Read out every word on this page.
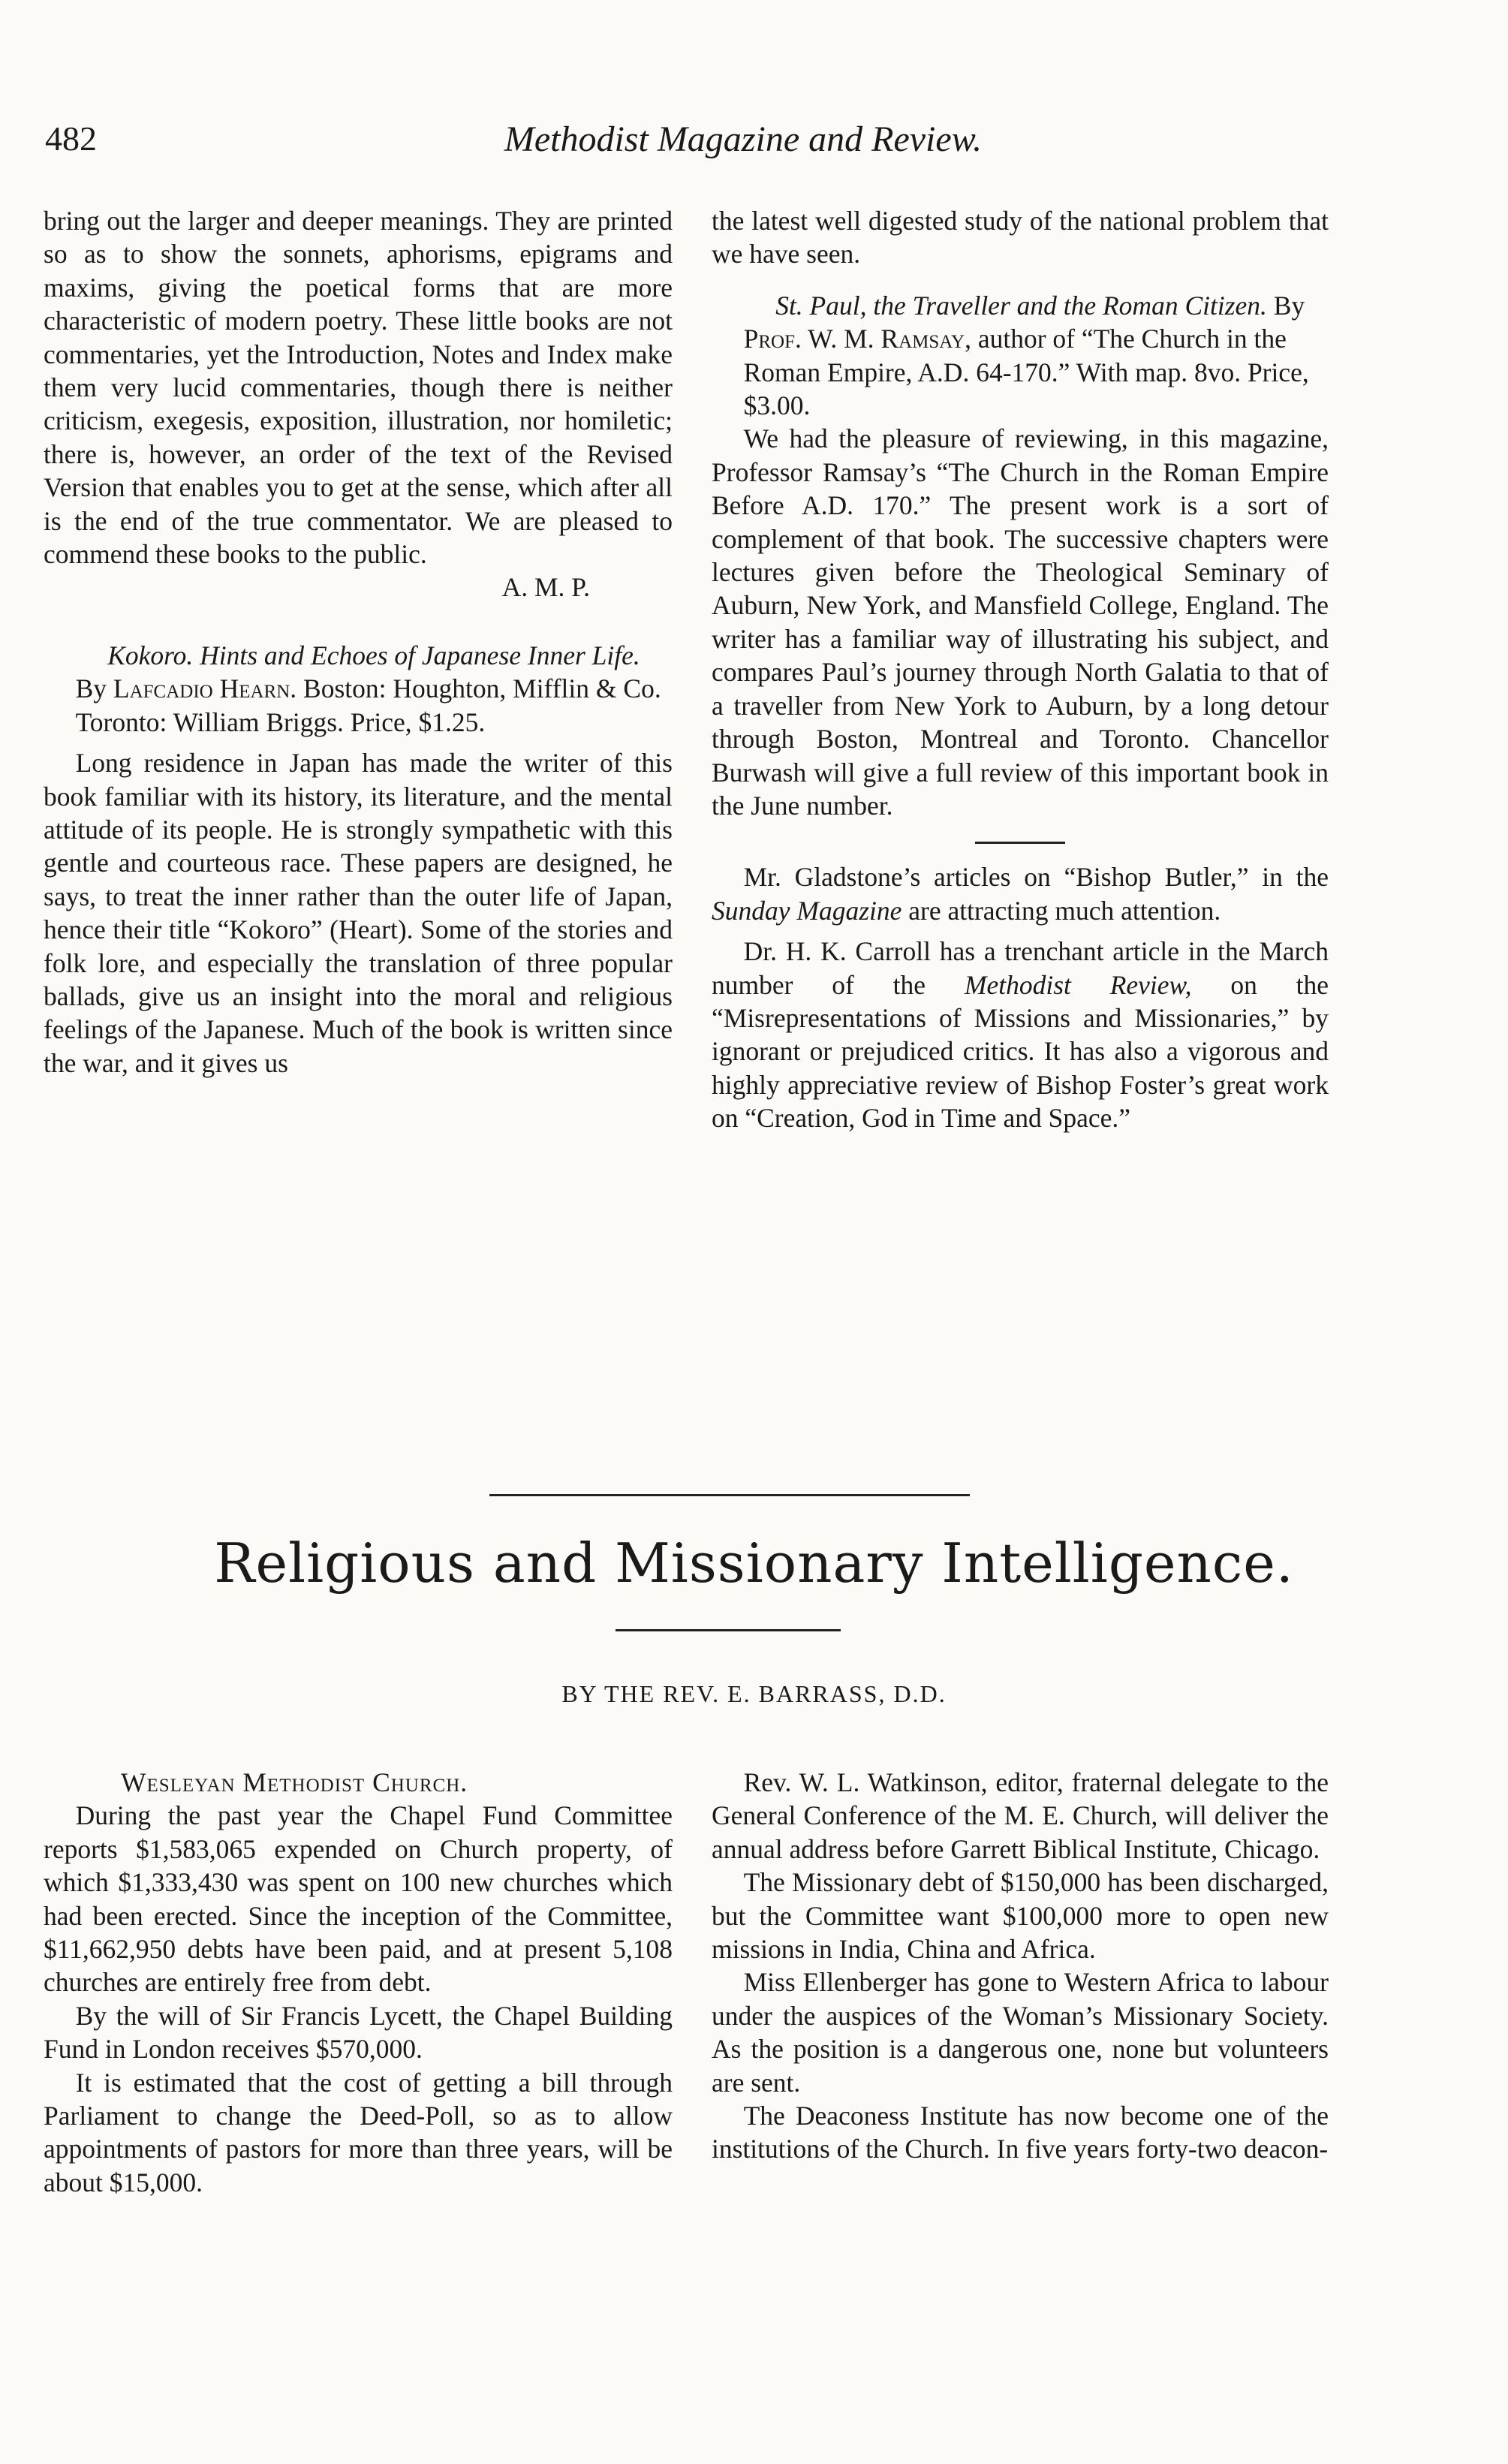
482	Methodist Magazine and Review.

bring out the larger and deeper meanings. They are printed so as to show the sonnets, aphorisms, epigrams and maxims, giving the poetical forms that are more characteristic of modern poetry. These little books are not commentaries, yet the Introduction, Notes and Index make them very lucid commentaries, though there is neither criticism, exegesis, exposition, illustration, nor homiletic; there is, however, an order of the text of the Revised Version that enables you to get at the sense, which after all is the end of the true commentator. We are pleased to commend these books to the public.

A. M. P.

Kokoro. Hints and Echoes of Japanese Inner Life. By Lafcadio Hearn. Boston: Houghton, Mifflin & Co. Toronto: William Briggs. Price, $1.25.

Long residence in Japan has made the writer of this book familiar with its history, its literature, and the mental attitude of its people. He is strongly sympathetic with this gentle and courteous race. These papers are designed, he says, to treat the inner rather than the outer life of Japan, hence their title “Kokoro” (Heart). Some of the stories and folk lore, and especially the translation of three popular ballads, give us an insight into the moral and religious feelings of the Japanese. Much of the book is written since the war, and it gives us

the latest well digested study of the national problem that we have seen.

St. Paul, the Traveller and the Roman Citizen. By Prof. W. M. Ramsay, author of “The Church in the Roman Empire, A.D. 64-170.” With map. 8vo. Price, $3.00.

We had the pleasure of reviewing, in this magazine, Professor Ramsay’s “The Church in the Roman Empire Before A.D. 170.” The present work is a sort of complement of that book. The successive chapters were lectures given before the Theological Seminary of Auburn, New York, and Mansfield College, England. The writer has a familiar way of illustrating his subject, and compares Paul’s journey through North Galatia to that of a traveller from New York to Auburn, by a long detour through Boston, Montreal and Toronto. Chancellor Burwash will give a full review of this important book in the June number.

Mr. Gladstone’s articles on “Bishop Butler,” in the Sunday Magazine are attracting much attention.

Dr. H. K. Carroll has a trenchant article in the March number of the Methodist Review, on the “Misrepresentations of Missions and Missionaries,” by ignorant or prejudiced critics. It has also a vigorous and highly appreciative review of Bishop Foster’s great work on “Creation, God in Time and Space.”

Religious and Missionary Intelligence.
BY THE REV. E. BARRASS, D.D.

Wesleyan Methodist Church.

During the past year the Chapel Fund Committee reports $1,583,065 expended on Church property, of which $1,333,430 was spent on 100 new churches which had been erected. Since the inception of the Committee, $11,662,950 debts have been paid, and at present 5,108 churches are entirely free from debt.

By the will of Sir Francis Lycett, the Chapel Building Fund in London receives $570,000.

It is estimated that the cost of getting a bill through Parliament to change the Deed-Poll, so as to allow appointments of pastors for more than three years, will be about $15,000.

Rev. W. L. Watkinson, editor, fraternal delegate to the General Conference of the M. E. Church, will deliver the annual address before Garrett Biblical Institute, Chicago.

The Missionary debt of $150,000 has been discharged, but the Committee want $100,000 more to open new missions in India, China and Africa.

Miss Ellenberger has gone to Western Africa to labour under the auspices of the Woman’s Missionary Society. As the position is a dangerous one, none but volunteers are sent.

The Deaconess Institute has now become one of the institutions of the Church. In five years forty-two deacon-
